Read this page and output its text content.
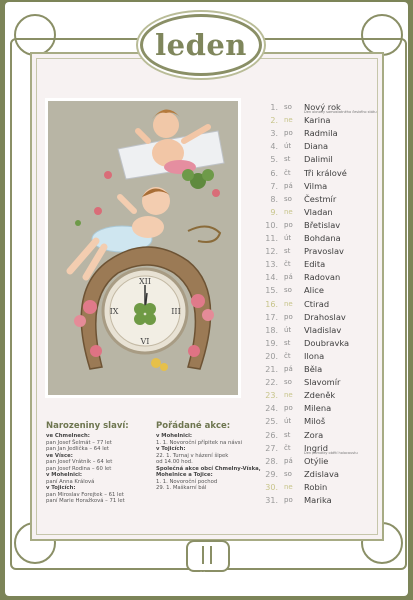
leden
XII
III
VI
IX
1. so Nový rok
Den obnovy samostatného českého státu
2. ne Karina
3. po Radmila
4. út Diana
5. st Dalimil
6. čt Tři králové
7. pá Vilma
8. so Čestmír
9. ne Vladan
10. po Břetislav
11. út Bohdana
12. st Pravoslav
13. čt Edita
14. pá Radovan
15. so Alice
16. ne Ctirad
17. po Drahoslav
18. út Vladislav
19. st Doubravka
20. čt Ilona
21. pá Běla
22. so Slavomír
23. ne Zdeněk
24. po Milena
25. út Miloš
26. st Zora
27. čt Ingrid
Den památky obětí holocaustu
28. pá Otýlie
29. so Zdislava
30. ne Robin
31. po Marika
Narozeniny slaví:
ve Chmelnech:
pan Josef Šelmát – 77 let
pan Jan Jedlička – 64 let
ve Vísce:
pan Josef Vrátník – 64 let
pan Josef Rodina – 60 let
v Mohelnici:
paní Anna Králová
v Tojicích:
pan Miroslav Forejtek – 61 let
paní Marie Horažková – 71 let
Pořádané akce:
v Mohelnici:
1. 1. Novoroční přípitek na návsi
v Tojicích:
22. 1. Turnaj v házení šipek
od 14.00 hod.
Společná akce obcí Chmelny-Víska,
Mohelnice a Tojice:
1. 1. Novoroční pochod
29. 1. Maškarní bál
Čas je nejprospěšnější poradce člověka.
